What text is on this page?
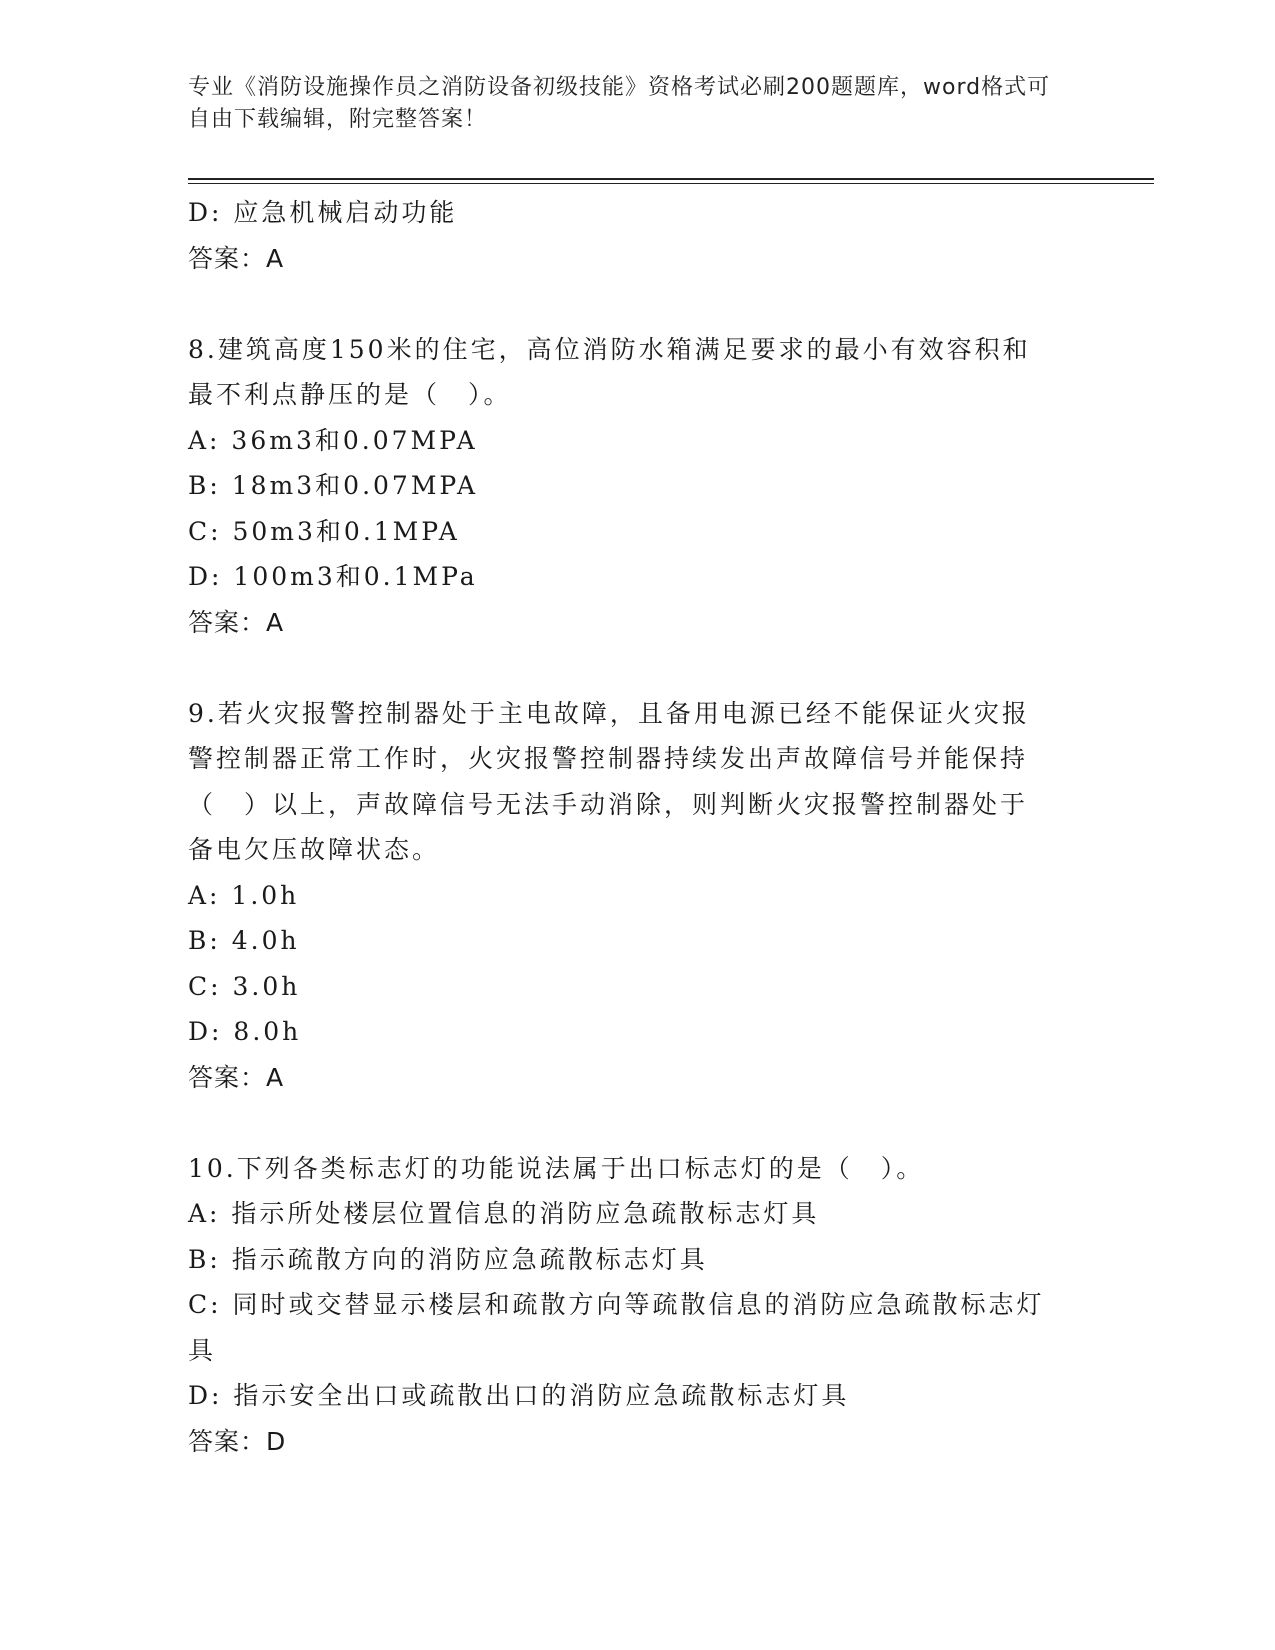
专业《消防设施操作员之消防设备初级技能》资格考试必刷200题题库，word格式可自由下载编辑，附完整答案！
D: 应急机械启动功能
答案：A
8.建筑高度150米的住宅，高位消防水箱满足要求的最小有效容积和
最不利点静压的是（　）。
A: 36m3和0.07MPA
B: 18m3和0.07MPA
C: 50m3和0.1MPA
D: 100m3和0.1MPa
答案：A
9.若火灾报警控制器处于主电故障，且备用电源已经不能保证火灾报
警控制器正常工作时，火灾报警控制器持续发出声故障信号并能保持
（　）以上，声故障信号无法手动消除，则判断火灾报警控制器处于
备电欠压故障状态。
A: 1.0h
B: 4.0h
C: 3.0h
D: 8.0h
答案：A
10.下列各类标志灯的功能说法属于出口标志灯的是（　）。
A: 指示所处楼层位置信息的消防应急疏散标志灯具
B: 指示疏散方向的消防应急疏散标志灯具
C: 同时或交替显示楼层和疏散方向等疏散信息的消防应急疏散标志灯
具
D: 指示安全出口或疏散出口的消防应急疏散标志灯具
答案：D
